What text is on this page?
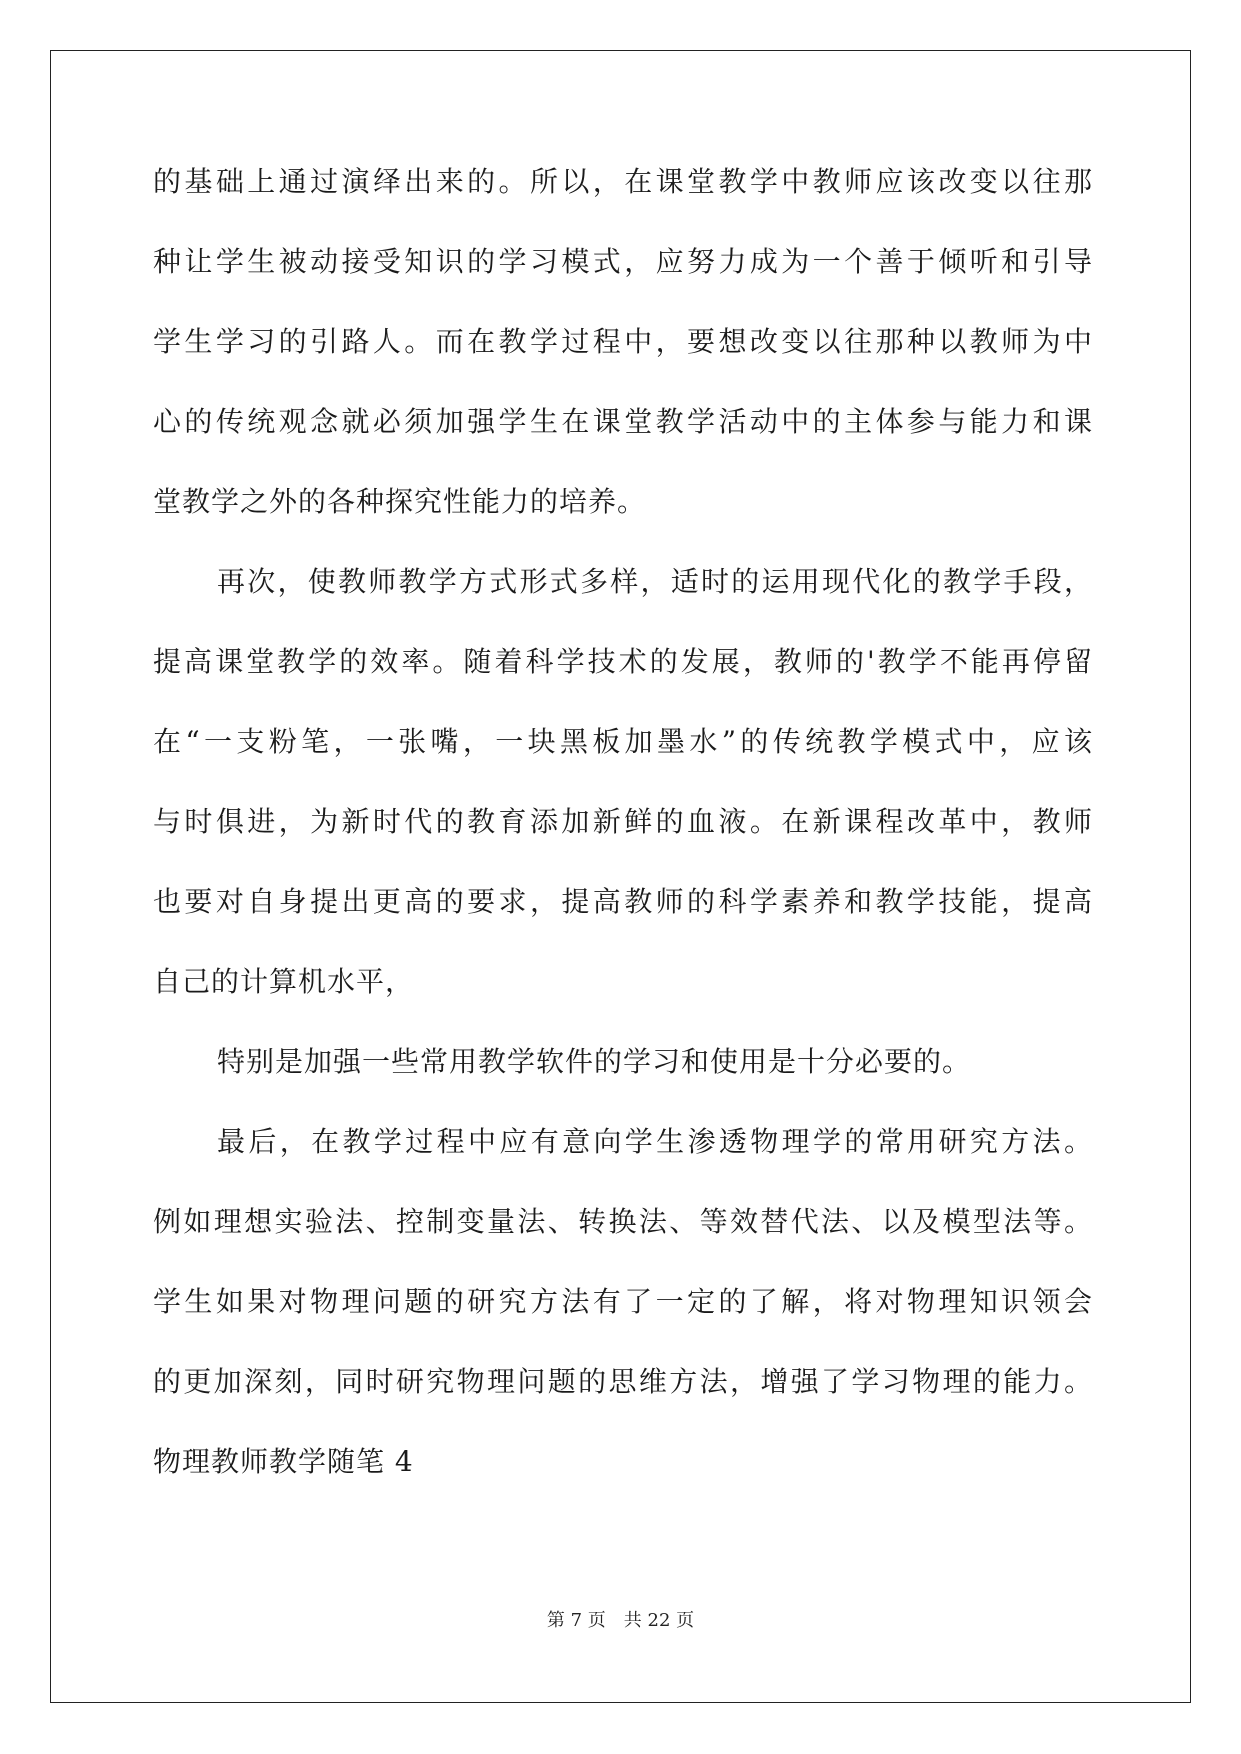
的基础上通过演绎出来的。所以，在课堂教学中教师应该改变以往那
种让学生被动接受知识的学习模式，应努力成为一个善于倾听和引导
学生学习的引路人。而在教学过程中，要想改变以往那种以教师为中
心的传统观念就必须加强学生在课堂教学活动中的主体参与能力和课
堂教学之外的各种探究性能力的培养。
再次，使教师教学方式形式多样，适时的运用现代化的教学手段，
提高课堂教学的效率。随着科学技术的发展，教师的'教学不能再停留
在“一支粉笔，一张嘴，一块黑板加墨水”的传统教学模式中，应该
与时俱进，为新时代的教育添加新鲜的血液。在新课程改革中，教师
也要对自身提出更高的要求，提高教师的科学素养和教学技能，提高
自己的计算机水平，
特别是加强一些常用教学软件的学习和使用是十分必要的。
最后，在教学过程中应有意向学生渗透物理学的常用研究方法。
例如理想实验法、控制变量法、转换法、等效替代法、以及模型法等。
学生如果对物理问题的研究方法有了一定的了解，将对物理知识领会
的更加深刻，同时研究物理问题的思维方法，增强了学习物理的能力。
物理教师教学随笔 4
第 7 页　共 22 页
